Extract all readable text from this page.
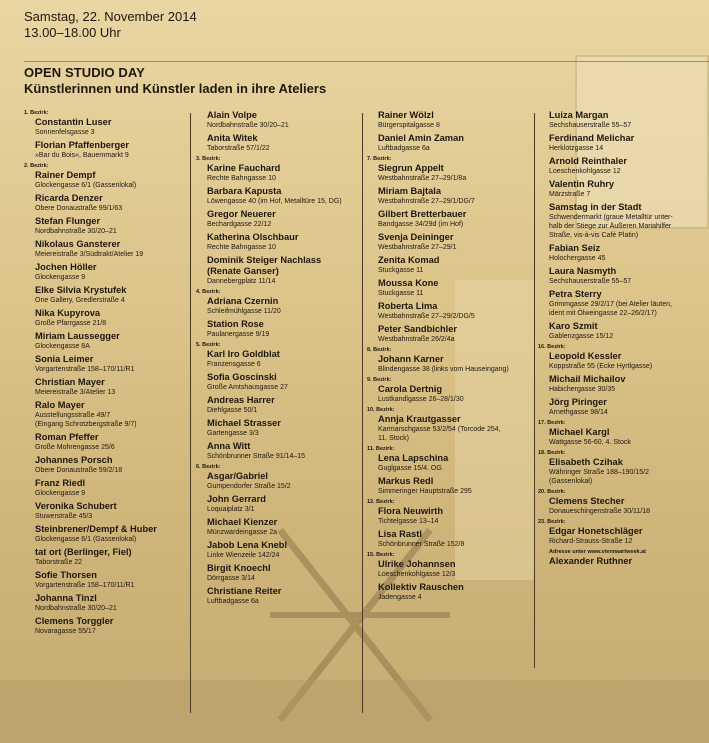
Samstag, 22. November 2014
13.00–18.00 Uhr
OPEN STUDIO DAY
Künstlerinnen und Künstler laden in ihre Ateliers
1. Bezirk:
Constantin Luser
Sonnenfelsgasse 3
Florian Pfaffenberger
»Bar du Bois«, Bauernmarkt 9
2. Bezirk:
Rainer Dempf
Glockengasse 6/1 (Gassenlokal)
Ricarda Denzer
Obere Donaustraße 99/1/63
Stefan Flunger
Nordbahnstraße 30/20–21
Nikolaus Gansterer
Meiereistraße 3/Südtrakt/Atelier 19
Jochen Höller
Glockengasse 9
Elke Silvia Krystufek
One Gallery, Gredlerstraße 4
Nika Kupyrova
Große Pfarrgasse 21/8
Miriam Laussegger
Glockengasse 8A
Sonia Leimer
Vorgartenstraße 158–170/11/R1
Christian Mayer
Meiereistraße 3/Atelier 13
Ralo Mayer
Ausstellungsstraße 49/7
(Eingang Schrotzbergstraße 9/7)
Roman Pfeffer
Große Mohrengasse 25/6
Johannes Porsch
Obere Donaustraße 59/2/18
Franz Riedl
Glockengasse 9
Veronika Schubert
Stuwerstraße 45/3
Steinbrener/Dempf & Huber
Glockengasse 6/1 (Gassenlokal)
tat ort (Berlinger, Fiel)
Taborstraße 22
Sofie Thorsen
Vorgartenstraße 158–170/11/R1
Johanna Tinzl
Nordbahnstraße 30/20–21
Clemens Torggler
Novaragasse 55/17
Alain Volpe
Nordbahnstraße 30/20–21
Anita Witek
Taborstraße 57/1/22
3. Bezirk:
Karine Fauchard
Rechte Bahngasse 10
Barbara Kapusta
Löwengasse 40 (im Hof, Metalltüre 15, DG)
Gregor Neuerer
Bechardgasse 22/12
Katherina Olschbaur
Rechte Bahngasse 10
Dominik Steiger Nachlass
(Renate Ganser)
Dannebergplatz 11/14
4. Bezirk:
Adriana Czernin
Schleifmühlgasse 11/20
Station Rose
Paulanergasse 9/19
5. Bezirk:
Karl Iro Goldblat
Franzensgasse 6
Sofia Goscinski
Große Amtshausgasse 27
Andreas Harrer
Diehlgasse 50/1
Michael Strasser
Gartengasse 3/3
Anna Witt
Schönbrunner Straße 91/14–15
6. Bezirk:
Asgar/Gabriel
Gumpendorfer Straße 15/2
John Gerrard
Loquaiplatz 3/1
Michael Kienzer
Münzwardeingasse 2a
Jabob Lena Knebl
Linke Wienzeile 142/24
Birgit Knoechl
Dörrgasse 3/14
Christiane Reiter
Luftbadgasse 6a
Rainer Wölzl
Bürgerspitalgasse 8
Daniel Amin Zaman
Luftbadgasse 6a
7. Bezirk:
Siegrun Appelt
Westbahnstraße 27–29/1/8a
Miriam Bajtala
Westbahnstraße 27–29/1/DG/7
Gilbert Bretterbauer
Bandgasse 34/29d (im Hof)
Svenja Deininger
Westbahnstraße 27–29/1
Zenita Komad
Stuckgasse 11
Moussa Kone
Stuckgasse 11
Roberta Lima
Westbahnstraße 27–29/2/DG/5
Peter Sandbichler
Westbahnstraße 26/2/4a
8. Bezirk:
Johann Karner
Blindengasse 38 (links vom Hauseingang)
9. Bezirk:
Carola Dertnig
Lustkandlgasse 26–28/1/30
10. Bezirk:
Annja Krautgasser
Karmarschgasse 53/2/54 (Torcode 254,
11. Stock)
11. Bezirk:
Lena Lapschina
Guglgasse 15/4. OG
Markus Redl
Simmeringer Hauptstraße 295
12. Bezirk:
Flora Neuwirth
Tichtelgasse 13–14
Lisa Rastl
Schönbrunner Straße 152/8
15. Bezirk:
Ulrike Johannsen
Loeschenkohlgasse 12/3
Kollektiv Rauschen
Jadengasse 4
Luiza Margan
Sechshauserstraße 55–57
Ferdinand Melichar
Herklotzgasse 14
Arnold Reinthaler
Loeschenkohlgasse 12
Valentin Ruhry
Märzstraße 7
Samstag in der Stadt
Schwendermarkt (graue Metalltür unter-
halb der Stiege zur Äußeren Mariahilfer
Straße, vis-à-vis Café Platin)
Fabian Seiz
Holochergasse 45
Laura Nasmyth
Sechshauserstraße 55–57
Petra Sterry
Grimmgasse 29/2/17 (bei Atelier läuten,
ident mit Ölweingasse 22–26/2/17)
Karo Szmit
Gablenzgasse 15/12
16. Bezirk:
Leopold Kessler
Koppstraße 55 (Ecke Hyrtlgasse)
Michail Michailov
Habichergasse 30/35
Jörg Piringer
Arnethgasse 98/14
17. Bezirk:
Michael Kargl
Wattgasse 56-60, 4. Stock
18. Bezirk:
Elisabeth Czihak
Währinger Straße 188–190/15/2
(Gassenlokal)
20. Bezirk:
Clemens Stecher
Donaueschingenstraße 30/11/18
23. Bezirk:
Edgar Honetschläger
Richard-Strauss-Straße 12
Adresse unter www.viennaartweek.at
Alexander Ruthner
